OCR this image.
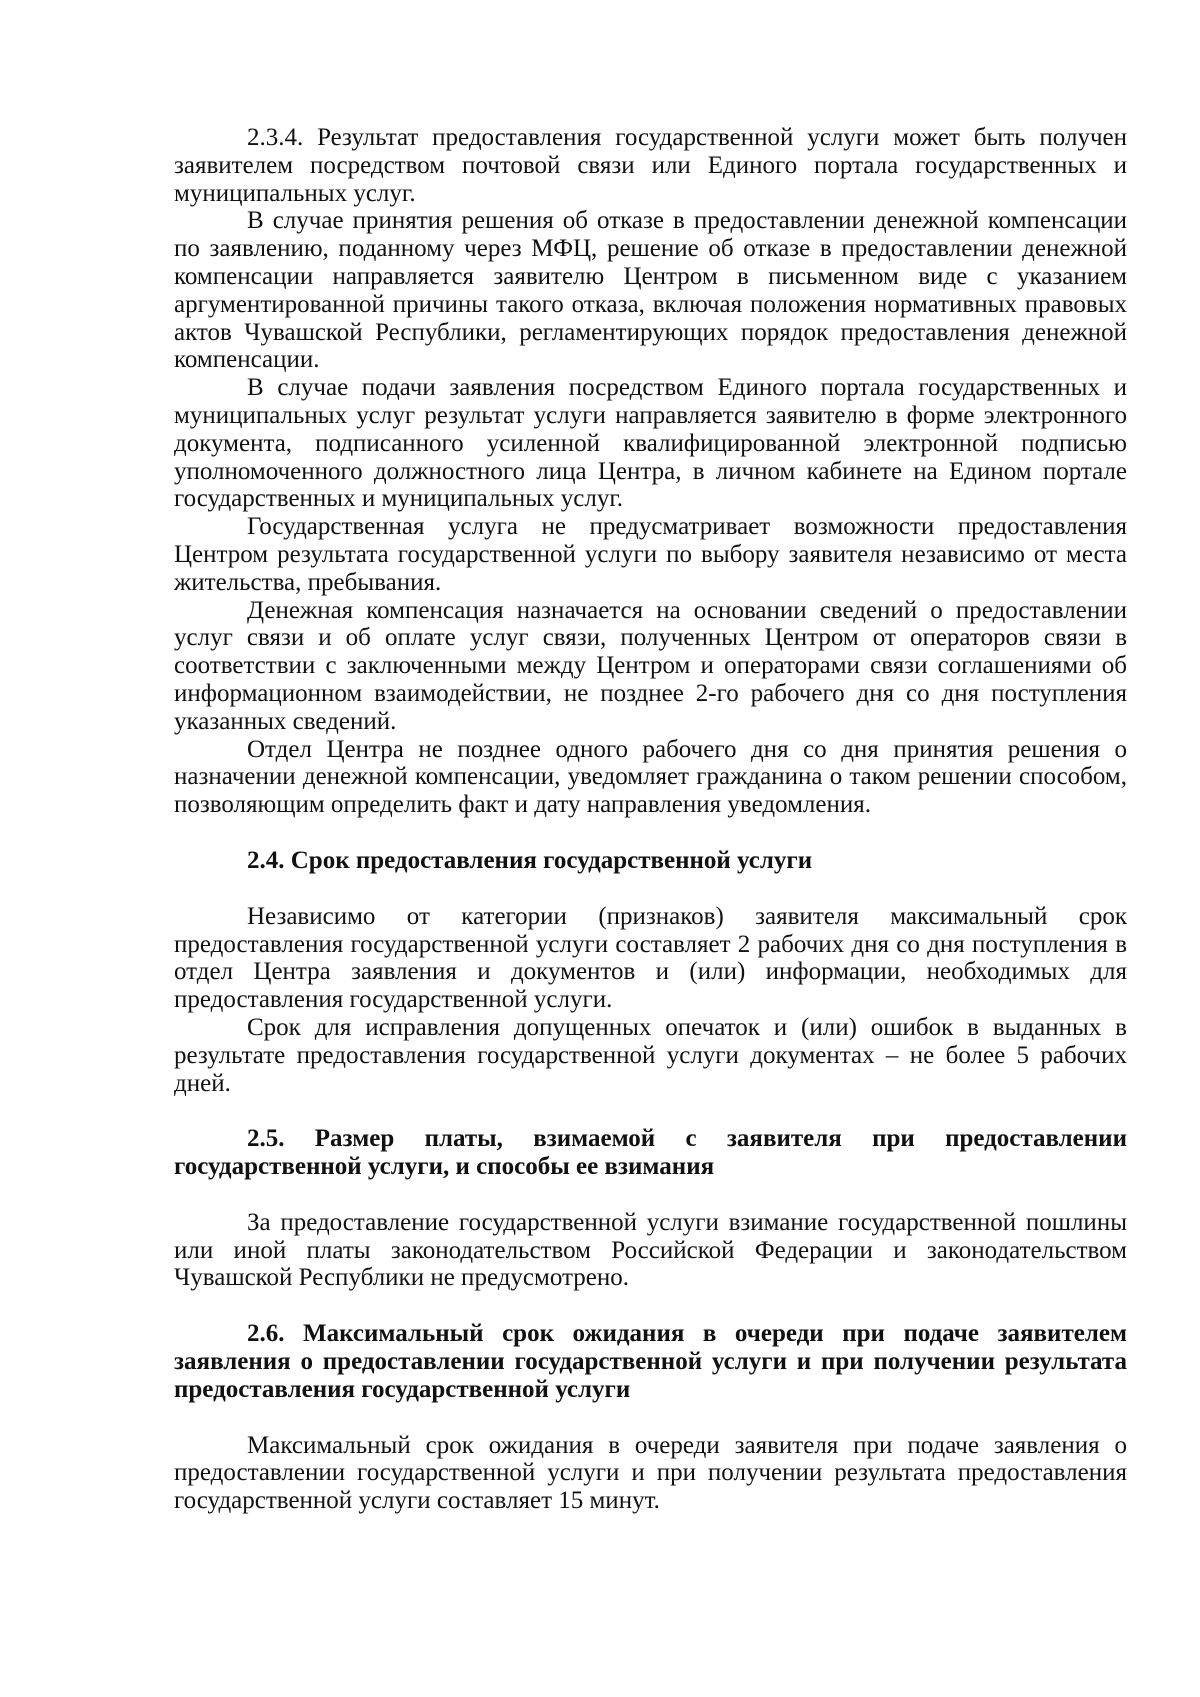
2.3.4. Результат предоставления государственной услуги может быть получен заявителем посредством почтовой связи или Единого портала государственных и муниципальных услуг.

В случае принятия решения об отказе в предоставлении денежной компенсации по заявлению, поданному через МФЦ, решение об отказе в предоставлении денежной компенсации направляется заявителю Центром в письменном виде с указанием аргументированной причины такого отказа, включая положения нормативных правовых актов Чувашской Республики, регламентирующих порядок предоставления денежной компенсации.

В случае подачи заявления посредством Единого портала государственных и муниципальных услуг результат услуги направляется заявителю в форме электронного документа, подписанного усиленной квалифицированной электронной подписью уполномоченного должностного лица Центра, в личном кабинете на Едином портале государственных и муниципальных услуг.

Государственная услуга не предусматривает возможности предоставления Центром результата государственной услуги по выбору заявителя независимо от места жительства, пребывания.

Денежная компенсация назначается на основании сведений о предоставлении услуг связи и об оплате услуг связи, полученных Центром от операторов связи в соответствии с заключенными между Центром и операторами связи соглашениями об информационном взаимодействии, не позднее 2-го рабочего дня со дня поступления указанных сведений.

Отдел Центра не позднее одного рабочего дня со дня принятия решения о назначении денежной компенсации, уведомляет гражданина о таком решении способом, позволяющим определить факт и дату направления уведомления.

2.4. Срок предоставления государственной услуги

Независимо от категории (признаков) заявителя максимальный срок предоставления государственной услуги составляет 2 рабочих дня со дня поступления в отдел Центра заявления и документов и (или) информации, необходимых для предоставления государственной услуги.

Срок для исправления допущенных опечаток и (или) ошибок в выданных в результате предоставления государственной услуги документах – не более 5 рабочих дней.

2.5. Размер платы, взимаемой с заявителя при предоставлении государственной услуги, и способы ее взимания

За предоставление государственной услуги взимание государственной пошлины или иной платы законодательством Российской Федерации и законодательством Чувашской Республики не предусмотрено.

2.6. Максимальный срок ожидания в очереди при подаче заявителем заявления о предоставлении государственной услуги и при получении результата предоставления государственной услуги

Максимальный срок ожидания в очереди заявителя при подаче заявления о предоставлении государственной услуги и при получении результата предоставления государственной услуги составляет 15 минут.
